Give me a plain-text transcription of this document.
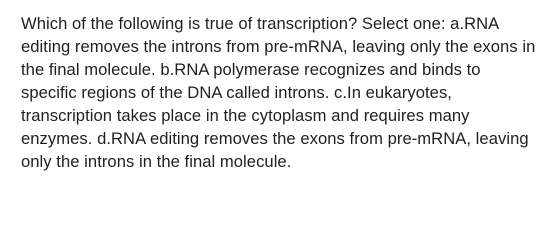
Which of the following is true of transcription? Select one: a.RNA editing removes the introns from pre-mRNA, leaving only the exons in the final molecule. b.RNA polymerase recognizes and binds to specific regions of the DNA called introns. c.In eukaryotes, transcription takes place in the cytoplasm and requires many enzymes. d.RNA editing removes the exons from pre-mRNA, leaving only the introns in the final molecule.
